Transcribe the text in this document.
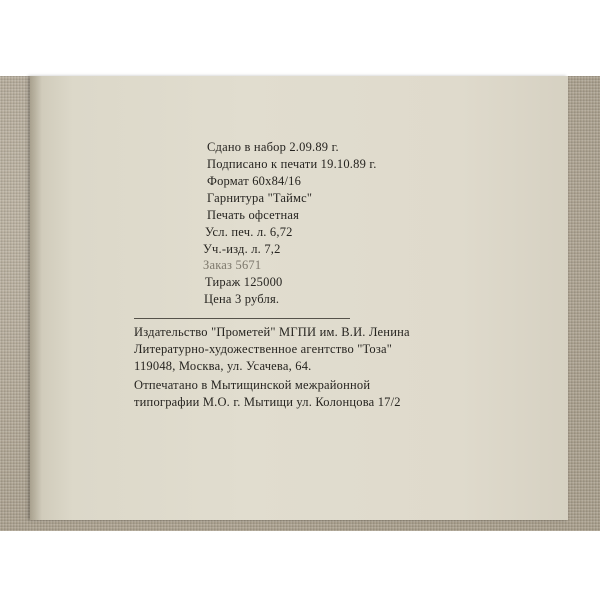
Сдано в набор 2.09.89 г.
Подписано к печати 19.10.89 г.
Формат 60х84/16
Гарнитура "Таймс"
Печать офсетная
Усл. печ. л. 6,72
Уч.-изд. л. 7,2
Заказ 5671
Тираж 125000
Цена 3 рубля.
Издательство "Прометей" МГПИ им. В.И. Ленина
Литературно-художественное агентство "Тоза"
119048, Москва, ул. Усачева, 64.
Отпечатано в Мытищинской межрайонной
типографии М.О. г. Мытищи ул. Колонцова 17/2
